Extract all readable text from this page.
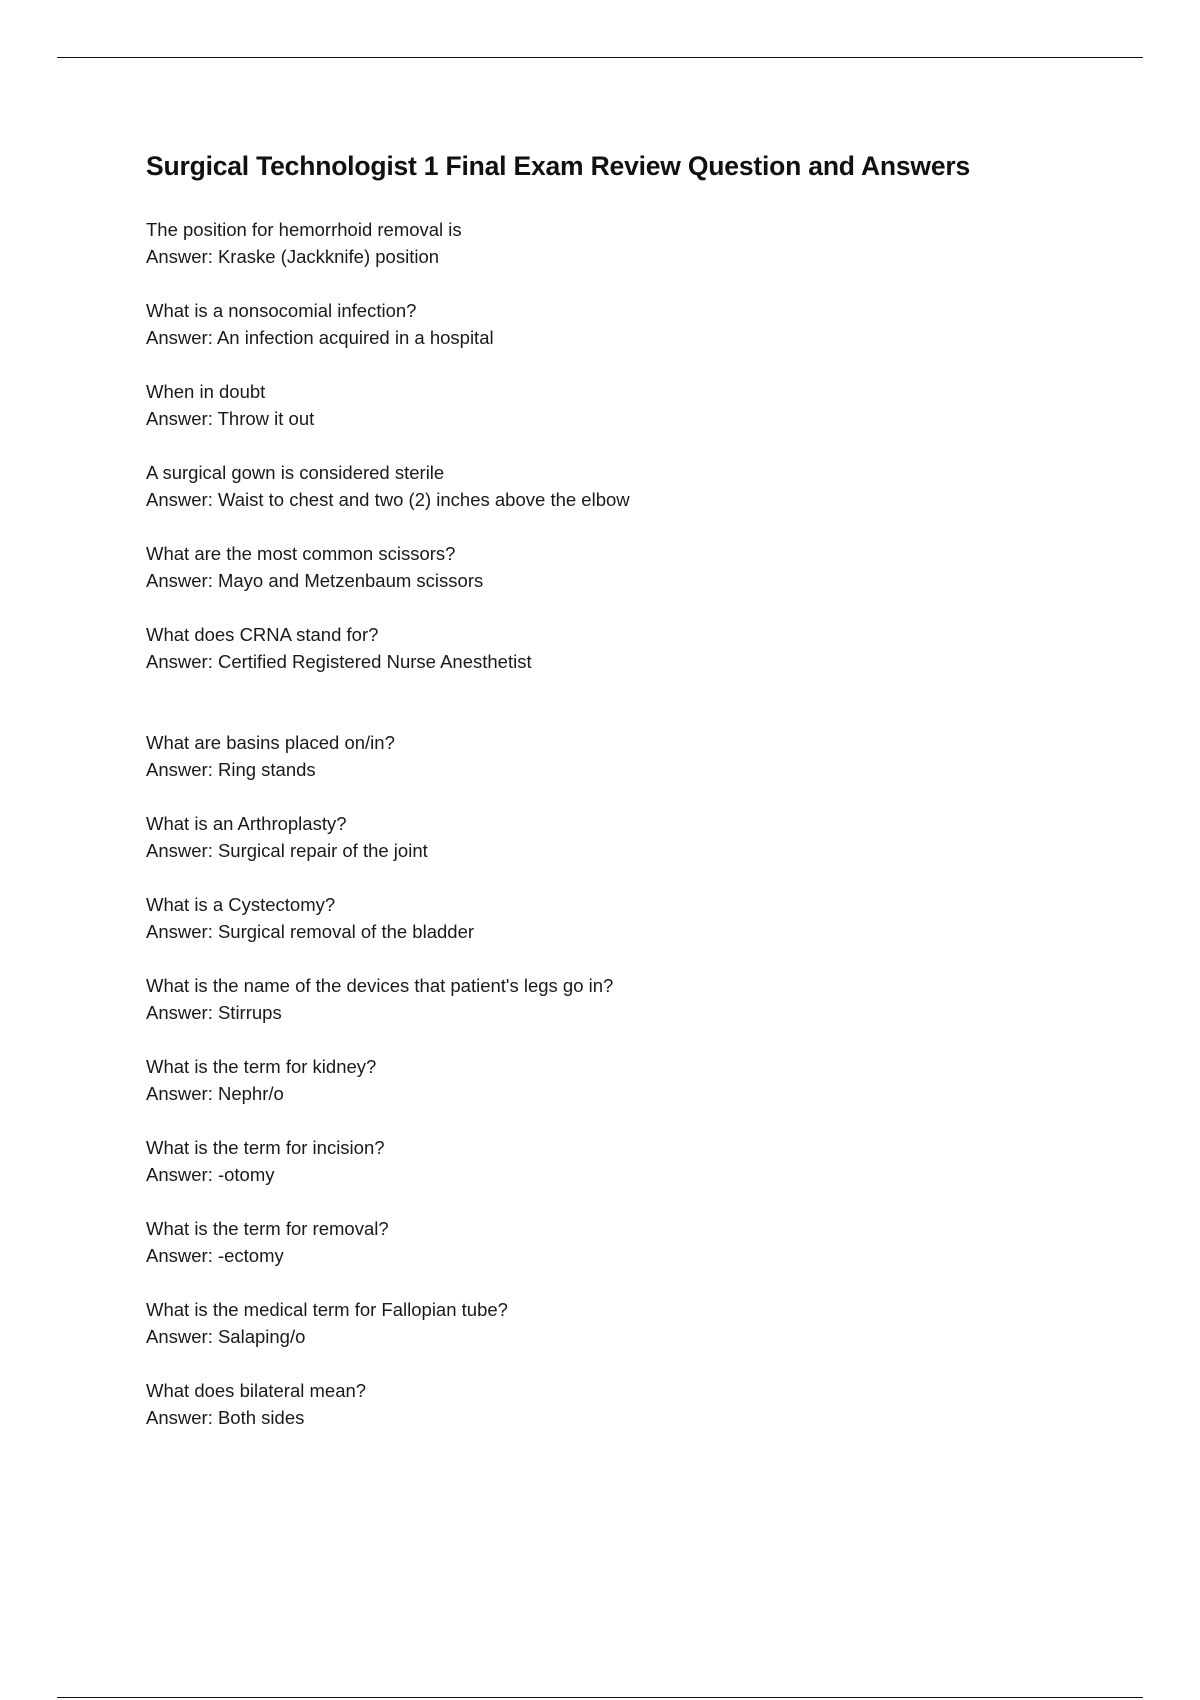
Surgical Technologist 1 Final Exam Review Question and Answers
The position for hemorrhoid removal is
Answer: Kraske (Jackknife) position
What is a nonsocomial infection?
Answer: An infection acquired in a hospital
When in doubt
Answer: Throw it out
A surgical gown is considered sterile
Answer: Waist to chest and two (2) inches above the elbow
What are the most common scissors?
Answer: Mayo and Metzenbaum scissors
What does CRNA stand for?
Answer: Certified Registered Nurse Anesthetist
What are basins placed on/in?
Answer: Ring stands
What is an Arthroplasty?
Answer: Surgical repair of the joint
What is a Cystectomy?
Answer: Surgical removal of the bladder
What is the name of the devices that patient's legs go in?
Answer: Stirrups
What is the term for kidney?
Answer: Nephr/o
What is the term for incision?
Answer: -otomy
What is the term for removal?
Answer: -ectomy
What is the medical term for Fallopian tube?
Answer: Salaping/o
What does bilateral mean?
Answer: Both sides
